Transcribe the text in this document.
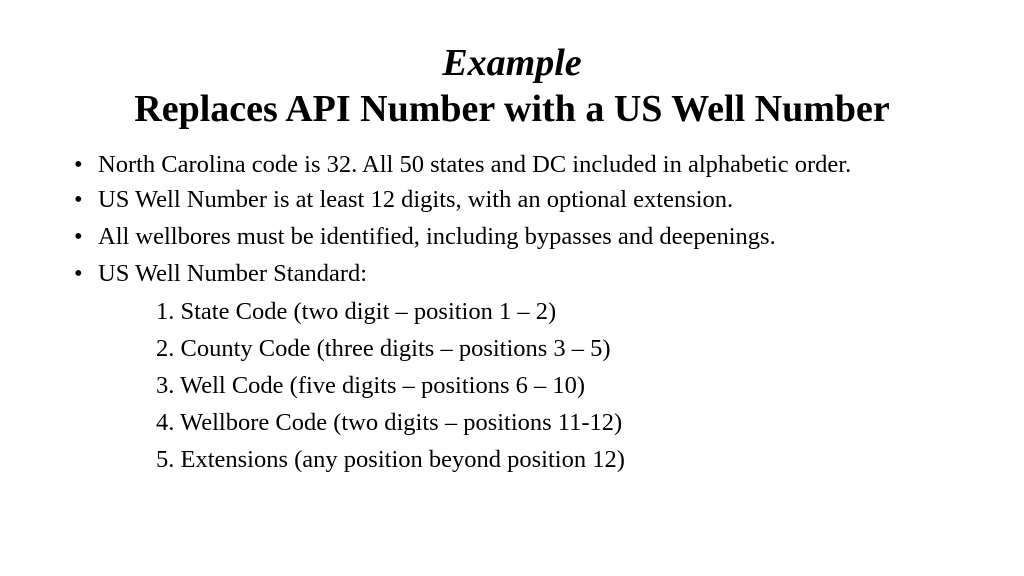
Example

Replaces API Number with a US Well Number

• North Carolina code is 32. All 50 states and DC included in alphabetic order.
• US Well Number is at least 12 digits, with an optional extension.
• All wellbores must be identified, including bypasses and deepenings.
• US Well Number Standard:

1. State Code (two digit – position 1 – 2)

2. County Code (three digits – positions 3 – 5)

3. Well Code (five digits – positions 6 – 10)

4. Wellbore Code (two digits – positions 11-12)

5. Extensions (any position beyond position 12)
